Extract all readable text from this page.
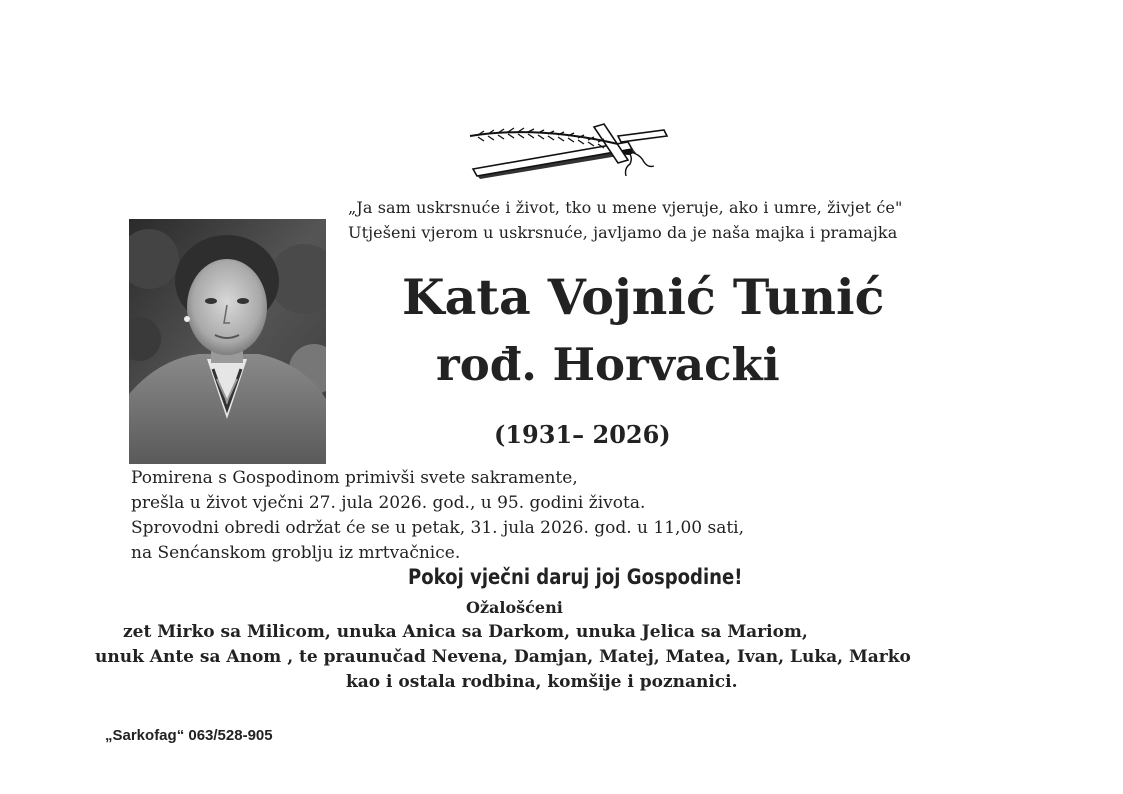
„Ja sam uskrsnuće i život, tko u mene vjeruje, ako i umre, živjet će"
Utješeni vjerom u uskrsnuće, javljamo da je naša majka i pramajka
Kata Vojnić Tunić
rođ. Horvacki
(1931– 2026)
Pomirena s Gospodinom primivši svete sakramente,
prešla u život vječni 27. jula 2026. god., u 95. godini života.
Sprovodni obredi održat će se u petak, 31. jula 2026. god. u 11,00 sati,
na Senćanskom groblju iz mrtvačnice.
Pokoj vječni daruj joj Gospodine!
Ožalošćeni
zet Mirko sa Milicom, unuka Anica sa Darkom, unuka Jelica sa Mariom,
unuk Ante sa Anom , te praunučad Nevena, Damjan, Matej, Matea, Ivan, Luka, Marko
kao i ostala rodbina, komšije i poznanici.
„Sarkofag“ 063/528-905
